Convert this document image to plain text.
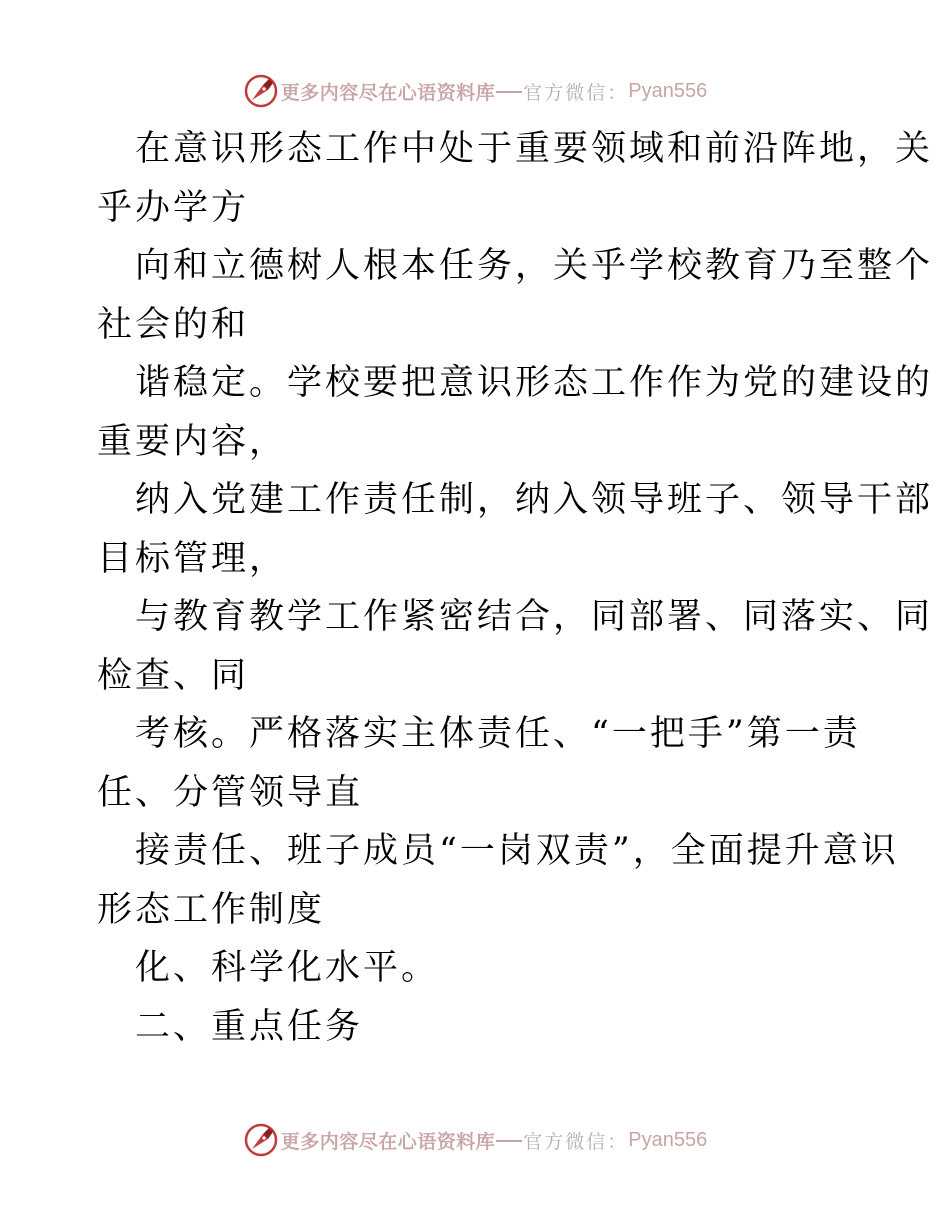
更多内容尽在心语资料库 官方微信： Pyan556
在意识形态工作中处于重要领域和前沿阵地，关
乎办学方
向和立德树人根本任务，关乎学校教育乃至整个
社会的和
谐稳定。学校要把意识形态工作作为党的建设的
重要内容，
纳入党建工作责任制，纳入领导班子、领导干部
目标管理，
与教育教学工作紧密结合，同部署、同落实、同
检查、同
考核。严格落实主体责任、“一把手”第一责
任、分管领导直
接责任、班子成员“一岗双责”，全面提升意识
形态工作制度
化、科学化水平。
二、重点任务
更多内容尽在心语资料库 官方微信： Pyan556
